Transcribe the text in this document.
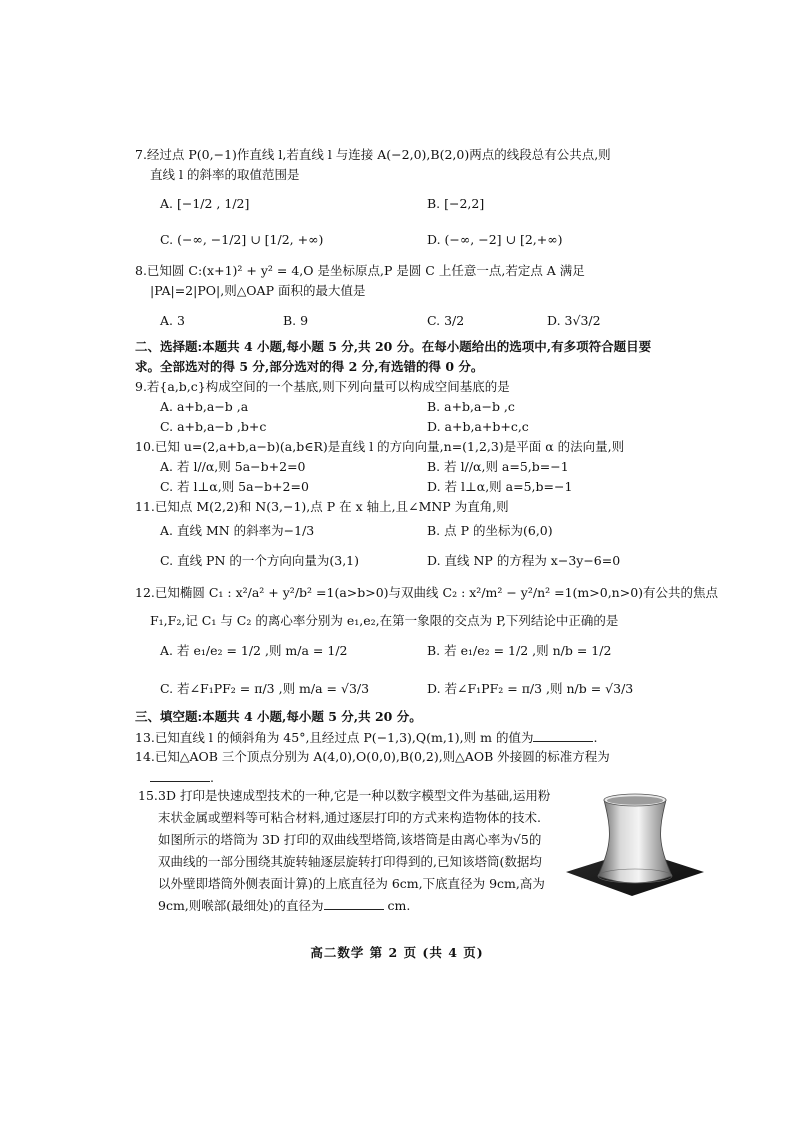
7.经过点 P(0,−1)作直线 l,若直线 l 与连接 A(−2,0),B(2,0)两点的线段总有公共点,则
直线 l 的斜率的取值范围是
A. [−1/2 , 1/2]	B. [−2,2]
C. (−∞, −1/2] ∪ [1/2, +∞)	D. (−∞, −2] ∪ [2,+∞)
8.已知圆 C:(x+1)² + y² = 4,O 是坐标原点,P 是圆 C 上任意一点,若定点 A 满足
|PA|=2|PO|,则△OAP 面积的最大值是
A. 3	B. 9	C. 3/2	D. 3√3/2
二、选择题:本题共 4 小题,每小题 5 分,共 20 分。在每小题给出的选项中,有多项符合题目要
求。全部选对的得 5 分,部分选对的得 2 分,有选错的得 0 分。
9.若{a,b,c}构成空间的一个基底,则下列向量可以构成空间基底的是
A. a+b,a−b ,a	B. a+b,a−b ,c
C. a+b,a−b ,b+c	D. a+b,a+b+c,c
10.已知 u=(2,a+b,a−b)(a,b∈R)是直线 l 的方向向量,n=(1,2,3)是平面 α 的法向量,则
A. 若 l//α,则 5a−b+2=0	B. 若 l//α,则 a=5,b=−1
C. 若 l⊥α,则 5a−b+2=0	D. 若 l⊥α,则 a=5,b=−1
11.已知点 M(2,2)和 N(3,−1),点 P 在 x 轴上,且∠MNP 为直角,则
A. 直线 MN 的斜率为−1/3	B. 点 P 的坐标为(6,0)
C. 直线 PN 的一个方向向量为(3,1)	D. 直线 NP 的方程为 x−3y−6=0
12.已知椭圆 C₁ : x²/a² + y²/b² =1(a>b>0)与双曲线 C₂ : x²/m² − y²/n² =1(m>0,n>0)有公共的焦点
F₁,F₂,记 C₁ 与 C₂ 的离心率分别为 e₁,e₂,在第一象限的交点为 P,下列结论中正确的是
A. 若 e₁/e₂ = 1/2 ,则 m/a = 1/2	B. 若 e₁/e₂ = 1/2 ,则 n/b = 1/2
C. 若∠F₁PF₂ = π/3 ,则 m/a = √3/3	D. 若∠F₁PF₂ = π/3 ,则 n/b = √3/3
三、填空题:本题共 4 小题,每小题 5 分,共 20 分。
13.已知直线 l 的倾斜角为 45°,且经过点 P(−1,3),Q(m,1),则 m 的值为	.
14.已知△AOB 三个顶点分别为 A(4,0),O(0,0),B(0,2),则△AOB 外接圆的标准方程为
.
15. 3D 打印是快速成型技术的一种,它是一种以数字模型文件为基础,运用粉末状金属或塑料等可粘合材料,通过逐层打印的方式来构造物体的技术. 如图所示的塔筒为 3D 打印的双曲线型塔筒,该塔筒是由离心率为√5的双曲线的一部分围绕其旋转轴逐层旋转打印得到的,已知该塔筒(数据均以外壁即塔筒外侧表面计算)的上底直径为 6cm,下底直径为 9cm,高为 9cm,则喉部(最细处)的直径为	cm.
高二数学 第 2 页 (共 4 页)
